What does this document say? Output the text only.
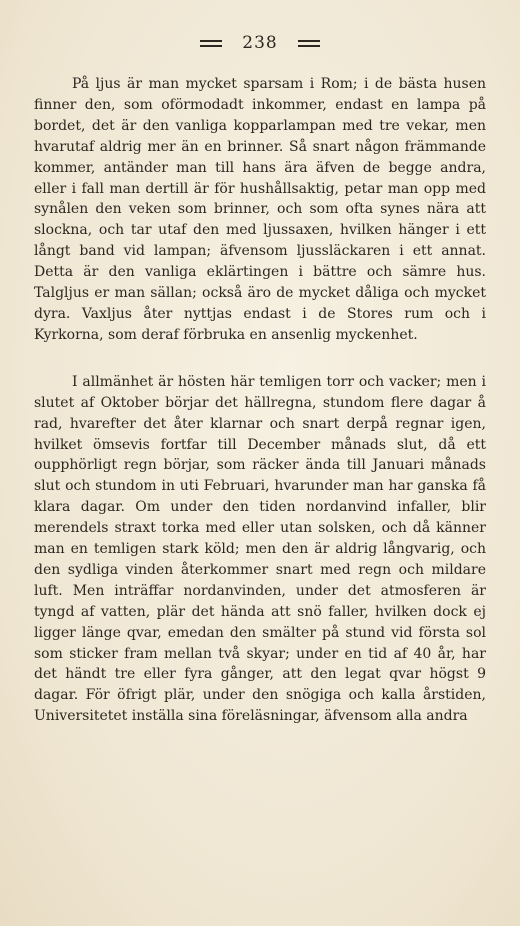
238

På ljus är man mycket sparsam i Rom; i de bästa husen finner den, som oförmodadt inkommer, endast en lampa på bordet, det är den vanliga kopparlampan med tre vekar, men hvarutaf aldrig mer än en brinner. Så snart någon främmande kommer, antänder man till hans ära äfven de begge andra, eller i fall man dertill är för hushållsaktig, petar man opp med synålen den veken som brinner, och som ofta synes nära att slockna, och tar utaf den med ljussaxen, hvilken hänger i ett långt band vid lampan; äfvensom ljussläckaren i ett annat. Detta är den vanliga eklärtingen i bättre och sämre hus. Talgljus er man sällan; också äro de mycket dåliga och mycket dyra. Vaxljus åter nyttjas endast i de Stores rum och i Kyrkorna, som deraf förbruka en ansenlig myckenhet.

I allmänhet är hösten här temligen torr och vacker; men i slutet af Oktober börjar det hällregna, stundom flere dagar å rad, hvarefter det åter klarnar och snart derpå regnar igen, hvilket ömsevis fortfar till December månads slut, då ett oupphörligt regn börjar, som räcker ända till Januari månads slut och stundom in uti Februari, hvarunder man har ganska få klara dagar. Om under den tiden nordanvind infaller, blir merendels straxt torka med eller utan solsken, och då känner man en temligen stark köld; men den är aldrig långvarig, och den sydliga vinden återkommer snart med regn och mildare luft. Men inträffar nordanvinden, under det atmosferen är tyngd af vatten, plär det hända att snö faller, hvilken dock ej ligger länge qvar, emedan den smälter på stund vid första sol som sticker fram mellan två skyar; under en tid af 40 år, har det händt tre eller fyra gånger, att den legat qvar högst 9 dagar. För öfrigt plär, under den snögiga och kalla årstiden, Universitetet inställa sina föreläsningar, äfvensom alla andra
